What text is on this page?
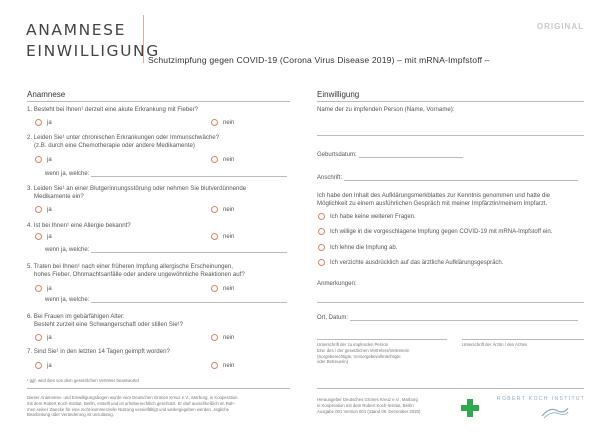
ANAMNESE
EINWILLIGUNG
ORIGINAL
Schutzimpfung gegen COVID-19 (Corona Virus Disease 2019) – mit mRNA-Impfstoff –
Anamnese
1. Besteht bei Ihnen¹ derzeit eine akute Erkrankung mit Fieber?
ja	nein
2. Leiden Sie¹ unter chronischen Erkrankungen oder Immunschwäche?
(z.B. durch eine Chemotherapie oder andere Medikamente)
ja	nein
wenn ja, welche:
3. Leiden Sie¹ an einer Blutgerinnungsstörung oder nehmen Sie blutverdünnende
Medikamente ein?
ja	nein
4. Ist bei Ihnen¹ eine Allergie bekannt?
ja	nein
wenn ja, welche:
5. Traten bei Ihnen¹ nach einer früheren Impfung allergische Erscheinungen,
hohes Fieber, Ohnmachtsanfälle oder andere ungewöhnliche Reaktionen auf?
ja	nein
wenn ja, welche:
6. Bei Frauen im gebärfähigen Alter:
Besteht zurzeit eine Schwangerschaft oder stillen Sie¹?
ja	nein
7. Sind Sie¹ in den letzten 14 Tagen geimpft worden?
ja	nein
¹ ggf. wird dies von dem gesetzlichen Vertreter beantwortet
Einwilligung
Name der zu impfenden Person (Name, Vorname):
Geburtsdatum:
Anschrift:
Ich habe den Inhalt des Aufklärungsmerkblattes zur Kenntnis genommen und hatte die
Möglichkeit zu einem ausführlichen Gespräch mit meiner Impfärztin/meinem Impfarzt.
Ich habe keine weiteren Fragen.
Ich willige in die vorgeschlagene Impfung gegen COVID-19 mit mRNA-Impfstoff ein.
Ich lehne die Impfung ab.
Ich verzichte ausdrücklich auf das ärztliche Aufklärungsgespräch.
Anmerkungen:
Ort, Datum:
Unterschrift der zu impfenden Person
bzw. des / der gesetzlichen Vertreters/Vertreterin
(Sorgeberechtigte, Vorsorgebevollmächtigte
oder Betreuerin)
Unterschrift der Ärztin / des Arztes
Dieser Anamnese- und Einwilligungsbogen wurde vom Deutschen Grünen Kreuz e.V., Marburg, in Kooperation
mit dem Robert Koch-Institut, Berlin, erstellt und ist urheberrechtlich geschützt. Er darf ausschließlich im Rah-
men seiner Zwecke für eine nicht-kommerzielle Nutzung vervielfältigt und weitergegeben werden. Jegliche
Bearbeitung oder Veränderung ist unzulässig.
Herausgeber Deutsches Grünes Kreuz e.V., Marburg
in Kooperation mit dem Robert Koch-Institut, Berlin
Ausgabe 001 Version 001 (Stand 09. Dezember 2020)
ROBERT KOCH INSTITUT
